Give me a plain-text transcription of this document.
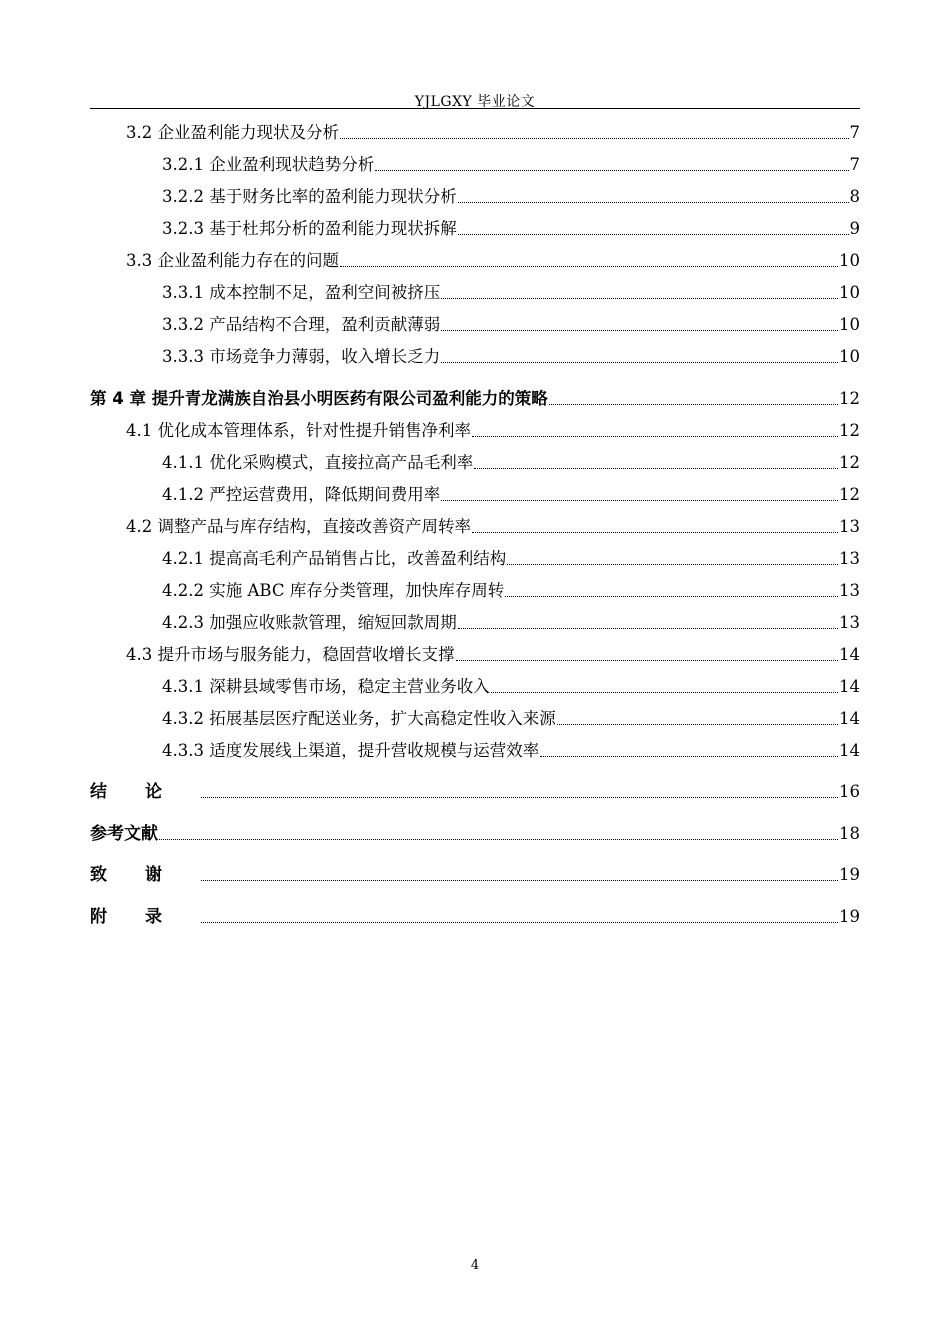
YJLGXY 毕业论文
3.2 企业盈利能力现状及分析	7
3.2.1 企业盈利现状趋势分析	7
3.2.2 基于财务比率的盈利能力现状分析	8
3.2.3 基于杜邦分析的盈利能力现状拆解	9
3.3 企业盈利能力存在的问题	10
3.3.1 成本控制不足，盈利空间被挤压	10
3.3.2 产品结构不合理，盈利贡献薄弱	10
3.3.3 市场竞争力薄弱，收入增长乏力	10
第 4 章 提升青龙满族自治县小明医药有限公司盈利能力的策略	12
4.1 优化成本管理体系，针对性提升销售净利率	12
4.1.1 优化采购模式，直接拉高产品毛利率	12
4.1.2 严控运营费用，降低期间费用率	12
4.2 调整产品与库存结构，直接改善资产周转率	13
4.2.1 提高高毛利产品销售占比，改善盈利结构	13
4.2.2 实施 ABC 库存分类管理，加快库存周转	13
4.2.3 加强应收账款管理，缩短回款周期	13
4.3 提升市场与服务能力，稳固营收增长支撑	14
4.3.1 深耕县域零售市场，稳定主营业务收入	14
4.3.2 拓展基层医疗配送业务，扩大高稳定性收入来源	14
4.3.3 适度发展线上渠道，提升营收规模与运营效率	14
结论	16
参考文献	18
致谢	19
附录	19
4
